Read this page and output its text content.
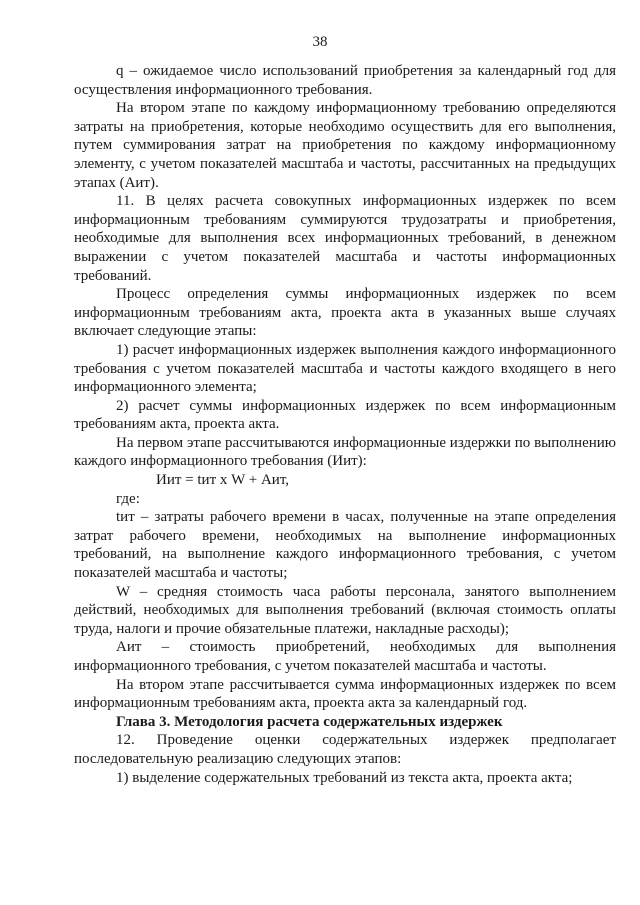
38

q – ожидаемое число использований приобретения за календарный год для осуществления информационного требования.

На втором этапе по каждому информационному требованию определяются затраты на приобретения, которые необходимо осуществить для его выполнения, путем суммирования затрат на приобретения по каждому информационному элементу, с учетом показателей масштаба и частоты, рассчитанных на предыдущих этапах (Аит).

11. В целях расчета совокупных информационных издержек по всем информационным требованиям суммируются трудозатраты и приобретения, необходимые для выполнения всех информационных требований, в денежном выражении с учетом показателей масштаба и частоты информационных требований.

Процесс определения суммы информационных издержек по всем информационным требованиям акта, проекта акта в указанных выше случаях включает следующие этапы:

1) расчет информационных издержек выполнения каждого информационного требования с учетом показателей масштаба и частоты каждого входящего в него информационного элемента;

2) расчет суммы информационных издержек по всем информационным требованиям акта, проекта акта.

На первом этапе рассчитываются информационные издержки по выполнению каждого информационного требования (Иит):

Иит = tит х W + Аит,

где:

tит – затраты рабочего времени в часах, полученные на этапе определения затрат рабочего времени, необходимых на выполнение информационных требований, на выполнение каждого информационного требования, с учетом показателей масштаба и частоты;

W – средняя стоимость часа работы персонала, занятого выполнением действий, необходимых для выполнения требований (включая стоимость оплаты труда, налоги и прочие обязательные платежи, накладные расходы);

Аит – стоимость приобретений, необходимых для выполнения информационного требования, с учетом показателей масштаба и частоты.

На втором этапе рассчитывается сумма информационных издержек по всем информационным требованиям акта, проекта акта за календарный год.

Глава 3. Методология расчета содержательных издержек

12. Проведение оценки содержательных издержек предполагает последовательную реализацию следующих этапов:

1) выделение содержательных требований из текста акта, проекта акта;
